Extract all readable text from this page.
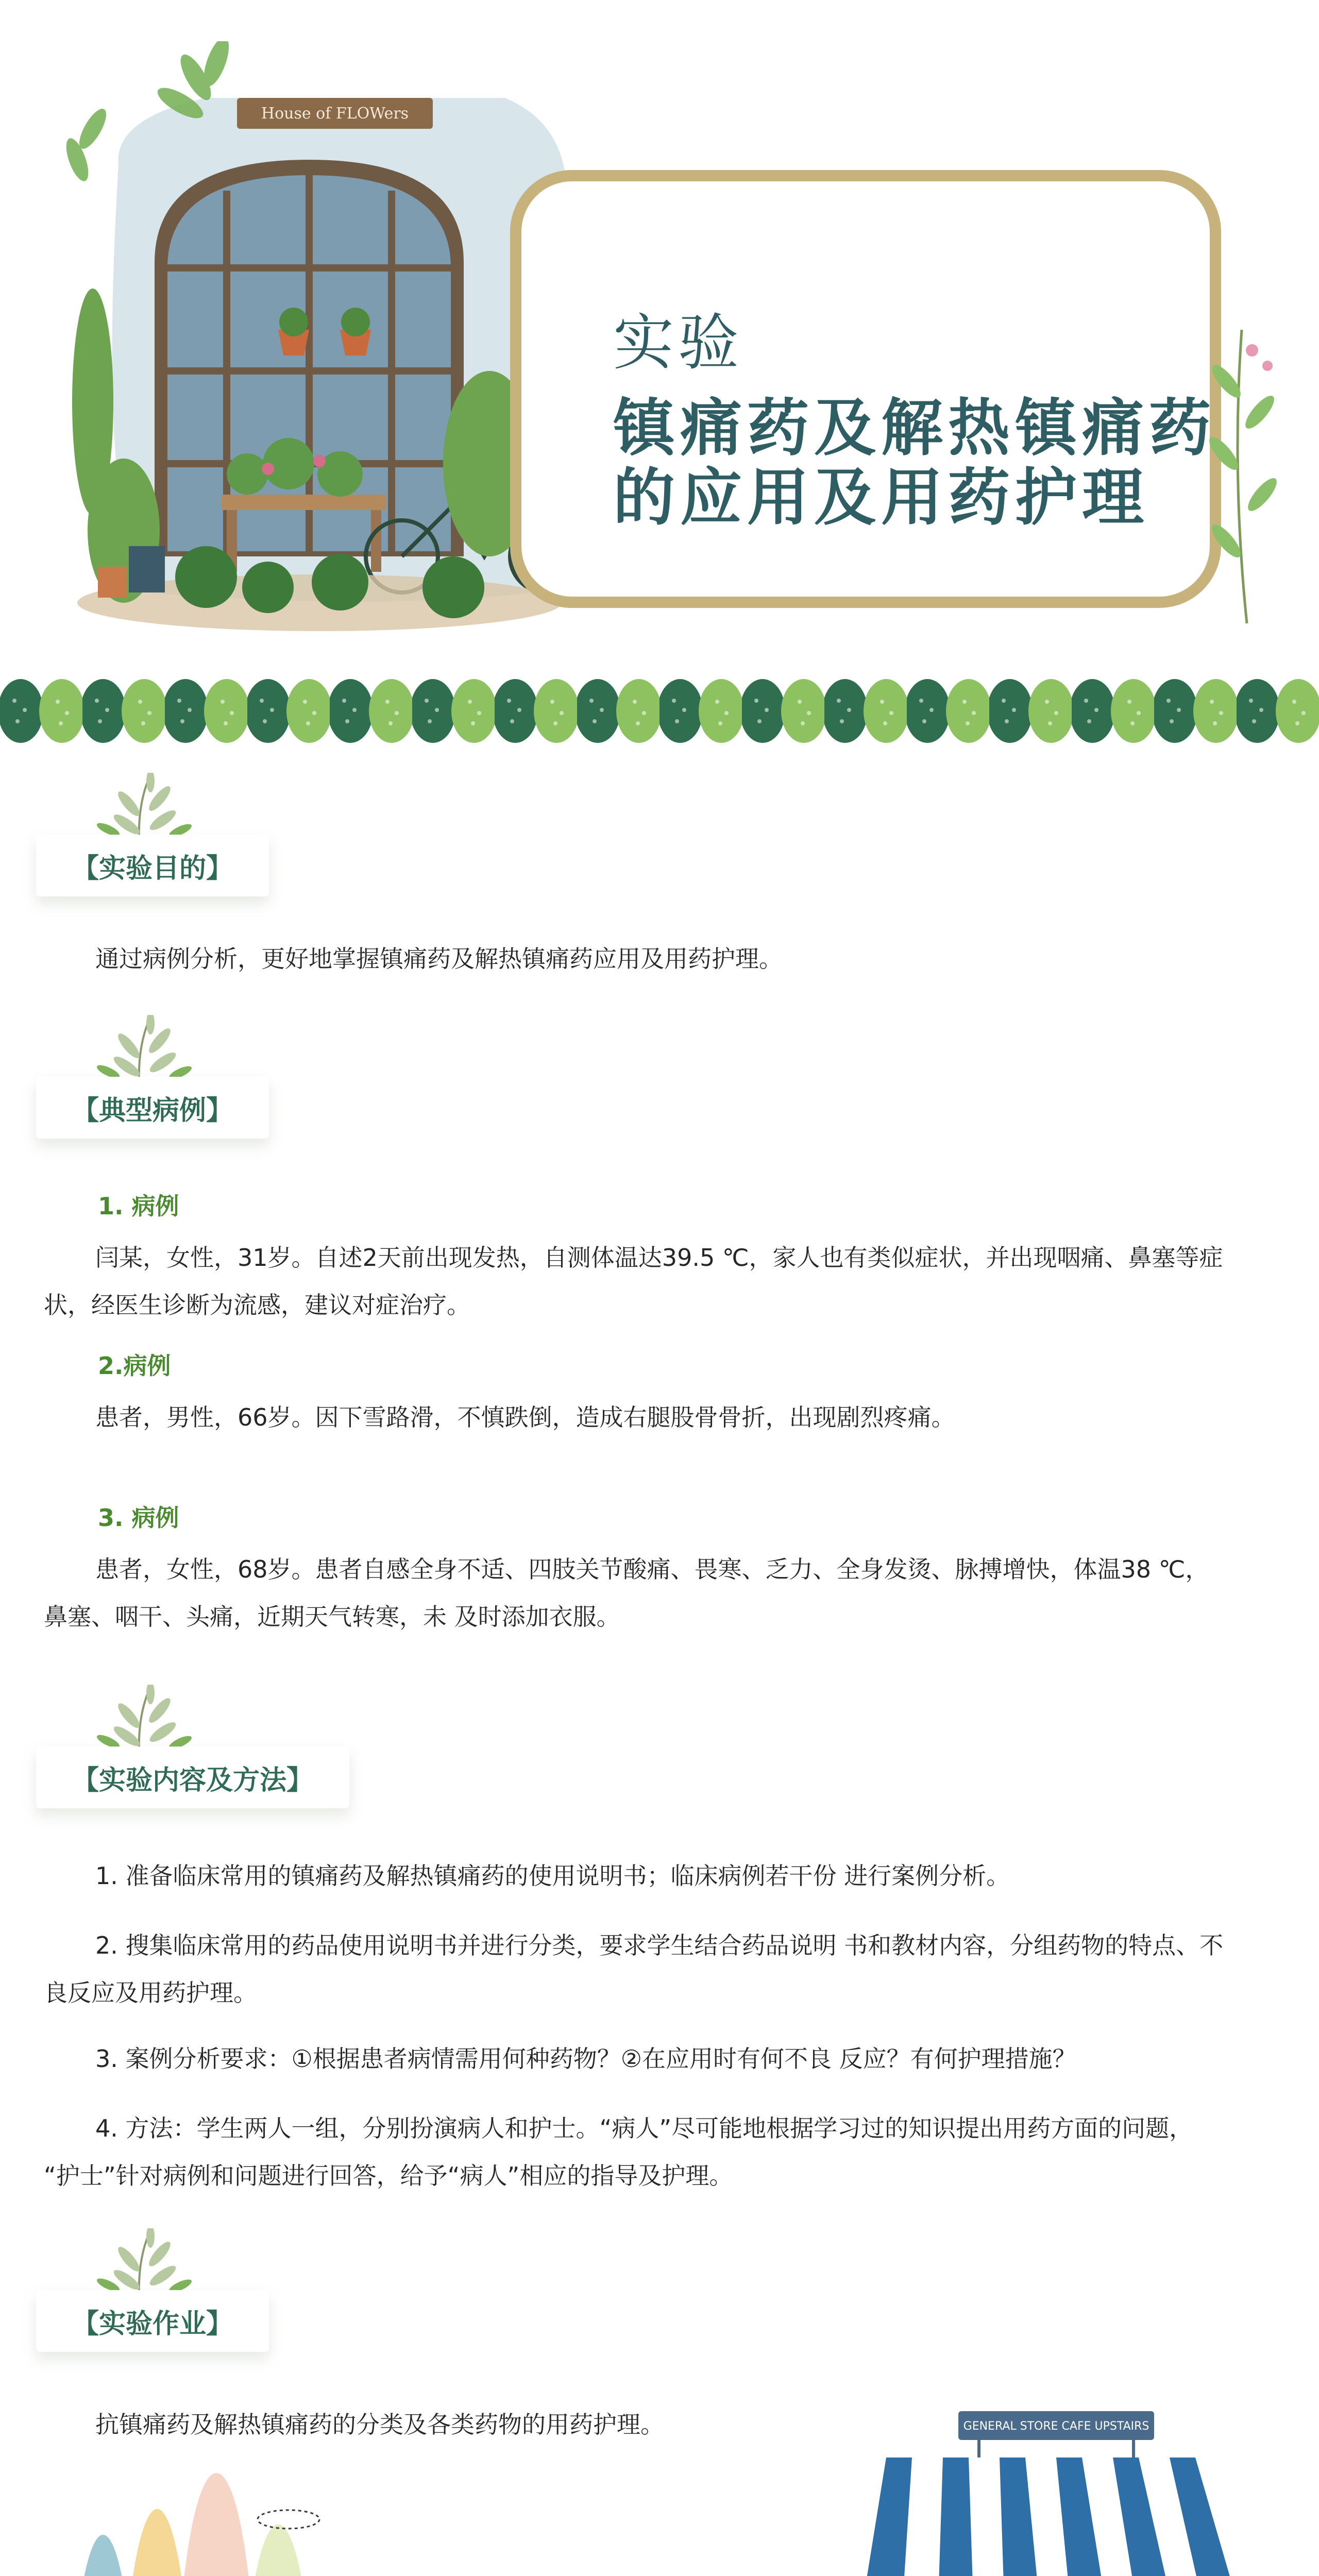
House of FLOWers
实验
镇痛药及解热镇痛药
的应用及用药护理
【实验目的】
通过病例分析，更好地掌握镇痛药及解热镇痛药应用及用药护理。
【典型病例】
1. 病例
闫某，女性，31岁。自述2天前出现发热，自测体温达39.5 ℃，家人也有类似症状，并出现咽痛、鼻塞等症
状，经医生诊断为流感，建议对症治疗。
2.病例
患者，男性，66岁。因下雪路滑，不慎跌倒，造成右腿股骨骨折，出现剧烈疼痛。
3. 病例
患者，女性，68岁。患者自感全身不适、四肢关节酸痛、畏寒、乏力、全身发烫、脉搏增快，体温38 ℃，
鼻塞、咽干、头痛，近期天气转寒，未 及时添加衣服。
【实验内容及方法】
1. 准备临床常用的镇痛药及解热镇痛药的使用说明书；临床病例若干份 进行案例分析。
2. 搜集临床常用的药品使用说明书并进行分类，要求学生结合药品说明 书和教材内容，分组药物的特点、不
良反应及用药护理。
3. 案例分析要求：①根据患者病情需用何种药物？②在应用时有何不良 反应？有何护理措施？
4. 方法：学生两人一组，分别扮演病人和护士。“病人”尽可能地根据学习过的知识提出用药方面的问题，
“护士”针对病例和问题进行回答，给予“病人”相应的指导及护理。
【实验作业】
抗镇痛药及解热镇痛药的分类及各类药物的用药护理。	GENERAL STORE CAFE UPSTAIRS
